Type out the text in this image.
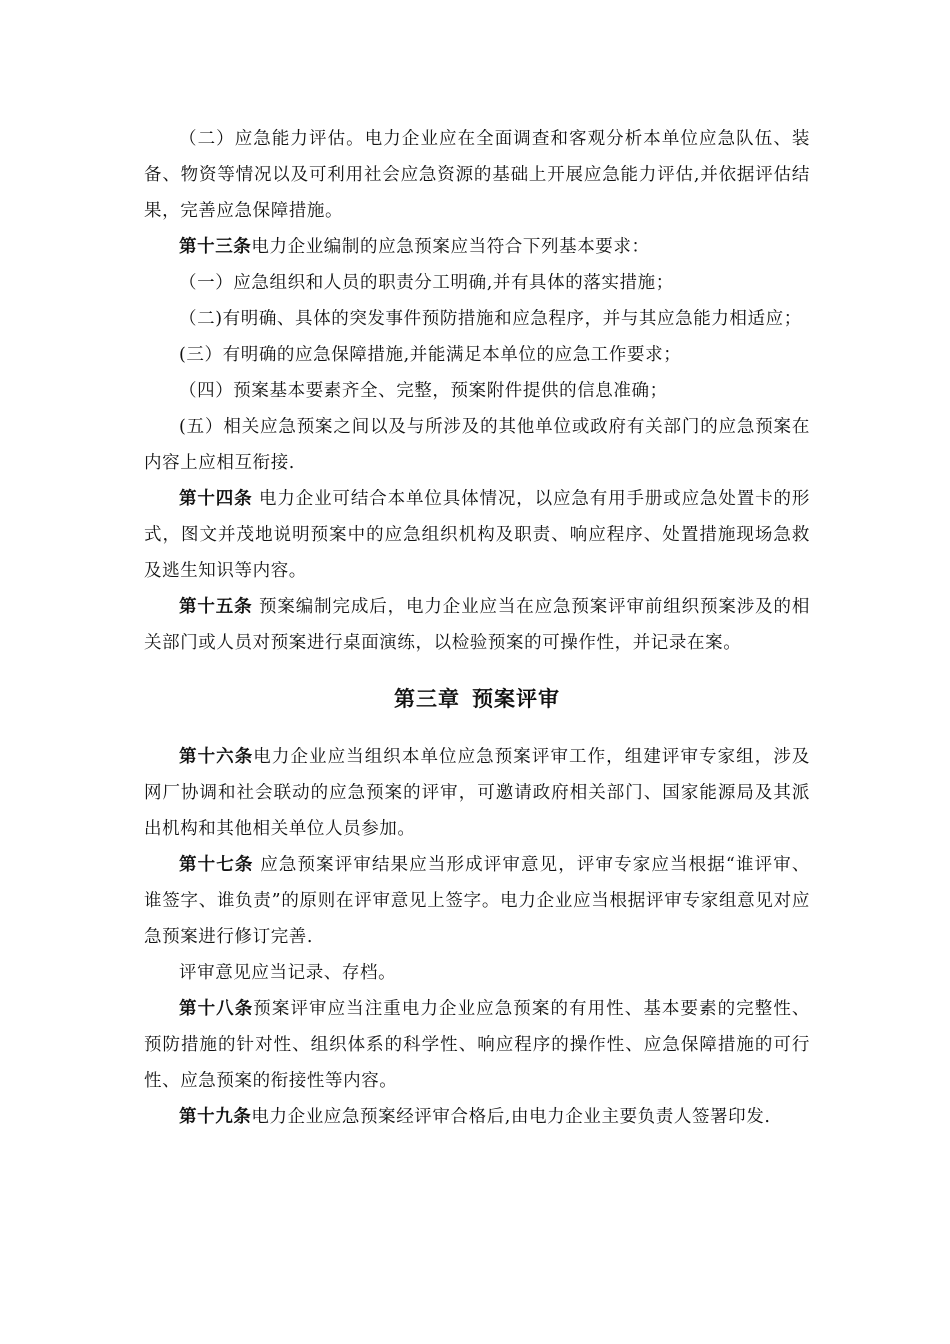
（二）应急能力评估。电力企业应在全面调查和客观分析本单位应急队伍、装备、物资等情况以及可利用社会应急资源的基础上开展应急能力评估,并依据评估结果，完善应急保障措施。

第十三条电力企业编制的应急预案应当符合下列基本要求：

（一）应急组织和人员的职责分工明确,并有具体的落实措施；

（二)有明确、具体的突发事件预防措施和应急程序，并与其应急能力相适应；

(三）有明确的应急保障措施,并能满足本单位的应急工作要求；

（四）预案基本要素齐全、完整，预案附件提供的信息准确；

(五）相关应急预案之间以及与所涉及的其他单位或政府有关部门的应急预案在内容上应相互衔接.

第十四条 电力企业可结合本单位具体情况，以应急有用手册或应急处置卡的形式，图文并茂地说明预案中的应急组织机构及职责、响应程序、处置措施现场急救及逃生知识等内容。

第十五条 预案编制完成后，电力企业应当在应急预案评审前组织预案涉及的相关部门或人员对预案进行桌面演练，以检验预案的可操作性，并记录在案。

第三章 预案评审

第十六条电力企业应当组织本单位应急预案评审工作，组建评审专家组，涉及网厂协调和社会联动的应急预案的评审，可邀请政府相关部门、国家能源局及其派出机构和其他相关单位人员参加。

第十七条 应急预案评审结果应当形成评审意见，评审专家应当根据“谁评审、谁签字、谁负责”的原则在评审意见上签字。电力企业应当根据评审专家组意见对应急预案进行修订完善.

评审意见应当记录、存档。

第十八条预案评审应当注重电力企业应急预案的有用性、基本要素的完整性、预防措施的针对性、组织体系的科学性、响应程序的操作性、应急保障措施的可行性、应急预案的衔接性等内容。

第十九条电力企业应急预案经评审合格后,由电力企业主要负责人签署印发.
